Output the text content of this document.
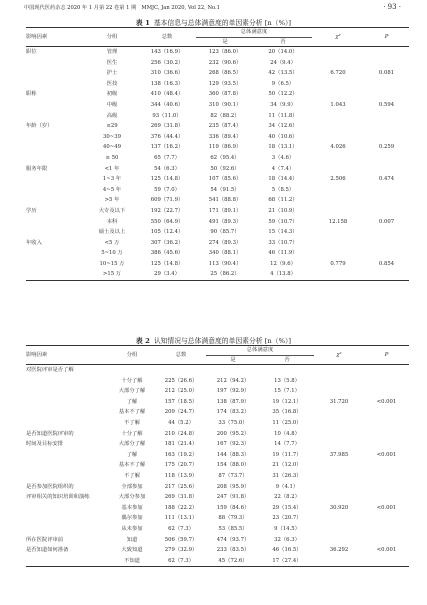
中国现代医药杂志 2020 年 1 月第 22 卷第 1 期　MMJC, Jan 2020, Vol 22, No.1	· 93 ·
表 1 基本信息与总体满意度的单因素分析 [n（%）]
影响因素	分组	总数	总体满意度		χ²	P
			是	否		
职位	管理	143（16.9）	123（86.0）	20（14.0）		
	医生	256（30.2）	232（90.6）	24（9.4）		
	护士	310（36.6）	268（86.5）	42（13.5）	6.720	0.081
	医技	138（16.3）	129（93.5）	9（6.5）		
职称	初级	410（48.4）	360（87.8）	50（12.2）		
	中级	344（40.6）	310（90.1）	34（9.9）	1.043	0.594
	高级	93（11.0）	82（88.2）	11（11.8）		
年龄（岁）	≤29	269（31.8）	235（87.4）	34（12.6）		
	30~39	376（44.4）	336（89.4）	40（10.6）		
	40~49	137（16.2）	119（86.9）	18（13.1）	4.026	0.259
	≥ 50	65（7.7）	62（95.4）	3（4.6）		
服务年限	<1 年	54（6.3）	50（92.6）	4（7.4）		
	1~3 年	125（14.8）	107（85.6）	18（14.4）	2.506	0.474
	4~5 年	59（7.0）	54（91.5）	5（8.5）		
	>5 年	609（71.9）	541（88.8）	68（11.2）		
学历	大专及以下	192（22.7）	171（89.1）	21（10.9）		
	本科	550（64.9）	491（89.3）	59（10.7）	12.158	0.007
	硕士及以上	105（12.4）	90（85.7）	15（14.3）		
年收入	<5 万	307（36.2）	274（89.3）	33（10.7）		
	5~10 万	386（45.6）	340（88.1）	46（11.9）		
	10~15 万	125（14.8）	113（90.4）	12（9.6）	0.779	0.854
	>15 万	29（3.4）	25（86.2）	4（13.8）		
表 2 认知情况与总体满意度的单因素分析 [n（%）]
影响因素	分组	总数	总体满意度		χ²	P
			是	否		
对医院评审是否了解						
	十分了解	225（26.6）	212（94.2）	13（5.8）		
	大部分了解	212（25.0）	197（92.9）	15（7.1）		
	了解	157（18.5）	138（87.9）	19（12.1）	31.720	<0.001
	基本不了解	209（24.7）	174（83.2）	35（16.8）		
	不了解	44（5.2）	33（75.0）	11（25.0）		
是否知道医院评审的	十分了解	210（24.8）	200（95.2）	10（4.8）		
时间及目标安排	大部分了解	181（21.4）	167（92.3）	14（7.7）		
	了解	163（19.2）	144（88.3）	19（11.7）	37.985	<0.001
	基本不了解	175（20.7）	154（88.0）	21（12.0）		
	不了解	118（13.9）	87（73.7）	31（26.3）		
是否参加医院组织的	全部参加	217（25.6）	208（95.9）	9（4.1）		
评审相关的知识培训和演练	大部分参加	269（31.8）	247（91.8）	22（8.2）		
	基本参加	188（22.2）	159（84.6）	29（15.4）	30.920	<0.001
	偶尔参加	111（13.1）	88（79.3）	23（20.7）		
	从未参加	62（7.3）	53（85.5）	9（14.5）		
所在医院评审前	知道	506（59.7）	474（93.7）	32（6.3）		
是否知道如何准备	大致知道	279（32.9）	233（83.5）	46（16.5）	36.292	<0.001
	不知道	62（7.3）	45（72.6）	17（27.4）		
